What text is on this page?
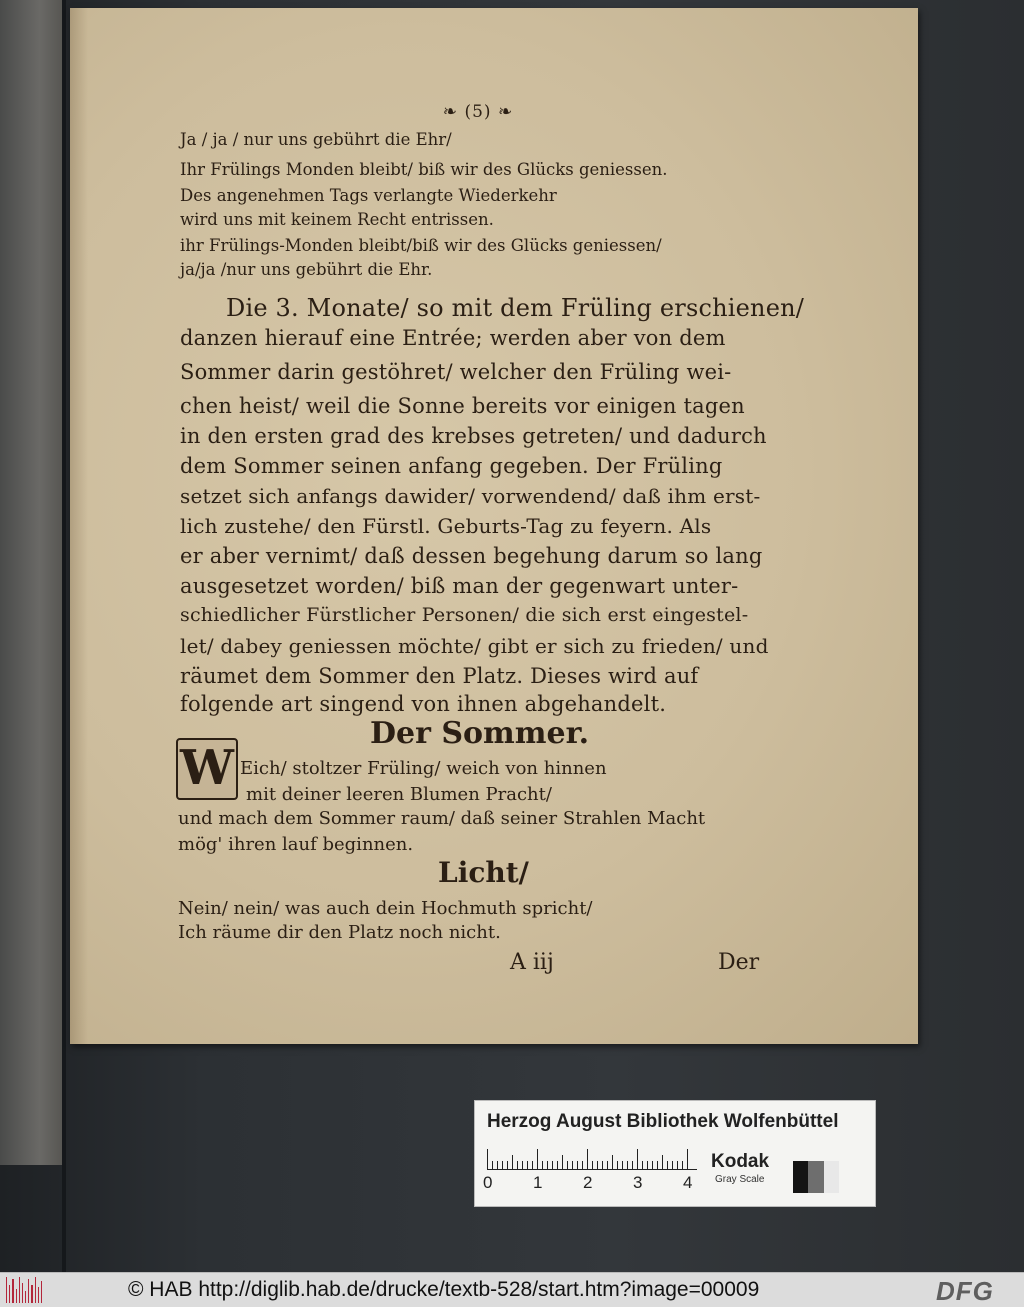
❧ (5) ❧
Ja / ja / nur uns gebührt die Ehr/
Ihr Frülings Monden bleibt/ biß wir des Glücks geniessen.
Des angenehmen Tags verlangte Wiederkehr
wird uns mit keinem Recht entrissen.
ihr Frülings-Monden bleibt/biß wir des Glücks geniessen/
ja/ja /nur uns gebührt die Ehr.
Die 3. Monate/ so mit dem Früling erschienen/
danzen hierauf eine Entrée; werden aber von dem
Sommer darin gestöhret/ welcher den Früling wei-
chen heist/ weil die Sonne bereits vor einigen tagen
in den ersten grad des krebses getreten/ und dadurch
dem Sommer seinen anfang gegeben. Der Früling
setzet sich anfangs dawider/ vorwendend/ daß ihm erst-
lich zustehe/ den Fürstl. Geburts-Tag zu feyern. Als
er aber vernimt/ daß dessen begehung darum so lang
ausgesetzet worden/ biß man der gegenwart unter-
schiedlicher Fürstlicher Personen/ die sich erst eingestel-
let/ dabey geniessen möchte/ gibt er sich zu frieden/ und
räumet dem Sommer den Platz. Dieses wird auf
folgende art singend von ihnen abgehandelt.
Der Sommer.
W Eich/ stoltzer Früling/ weich von hinnen
mit deiner leeren Blumen Pracht/
und mach dem Sommer raum/ daß seiner Strahlen Macht
mög' ihren lauf beginnen.
Licht/
Nein/ nein/ was auch dein Hochmuth spricht/
Ich räume dir den Platz noch nicht.
A iij	Der
Herzog August Bibliothek Wolfenbüttel
0 1 2 3 4
Kodak
Gray Scale
© HAB http://diglib.hab.de/drucke/textb-528/start.htm?image=00009	DFG
